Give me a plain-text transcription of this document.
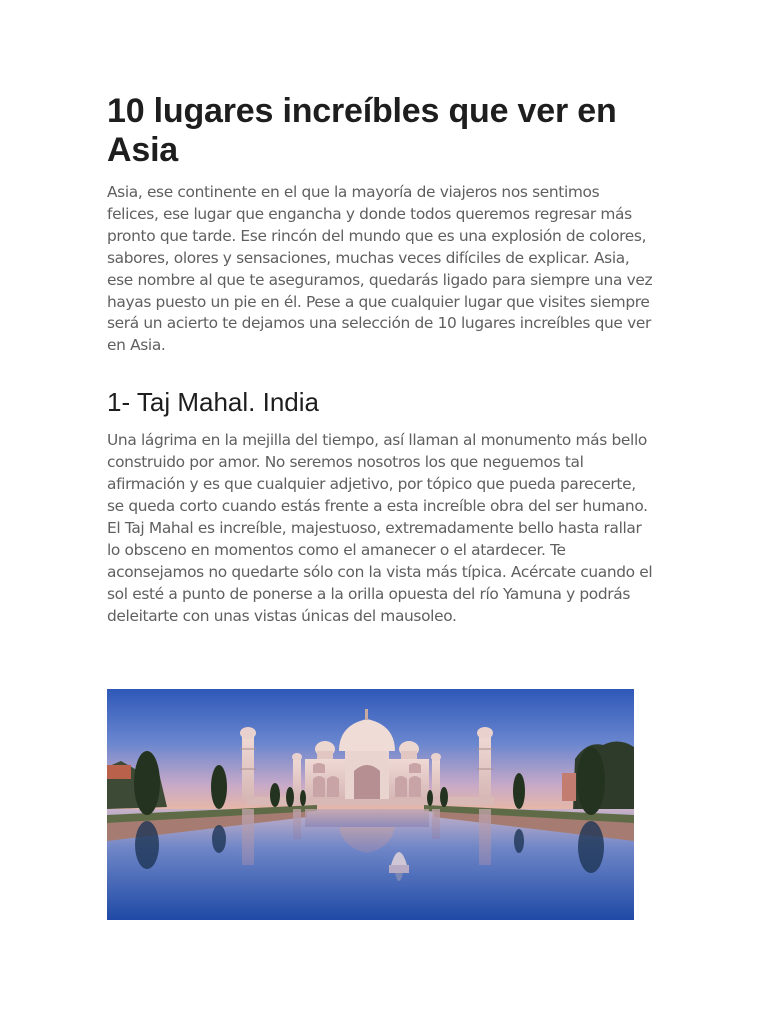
10 lugares increíbles que ver en Asia

Asia, ese continente en el que la mayoría de viajeros nos sentimos felices, ese lugar que engancha y donde todos queremos regresar más pronto que tarde. Ese rincón del mundo que es una explosión de colores, sabores, olores y sensaciones, muchas veces difíciles de explicar. Asia, ese nombre al que te aseguramos, quedarás ligado para siempre una vez hayas puesto un pie en él. Pese a que cualquier lugar que visites siempre será un acierto te dejamos una selección de 10 lugares increíbles que ver en Asia.

1- Taj Mahal. India

Una lágrima en la mejilla del tiempo, así llaman al monumento más bello construido por amor. No seremos nosotros los que neguemos tal afirmación y es que cualquier adjetivo, por tópico que pueda parecerte, se queda corto cuando estás frente a esta increíble obra del ser humano. El Taj Mahal es increíble, majestuoso, extremadamente bello hasta rallar lo obsceno en momentos como el amanecer o el atardecer. Te aconsejamos no quedarte sólo con la vista más típica. Acércate cuando el sol esté a punto de ponerse a la orilla opuesta del río Yamuna y podrás deleitarte con unas vistas únicas del mausoleo.
